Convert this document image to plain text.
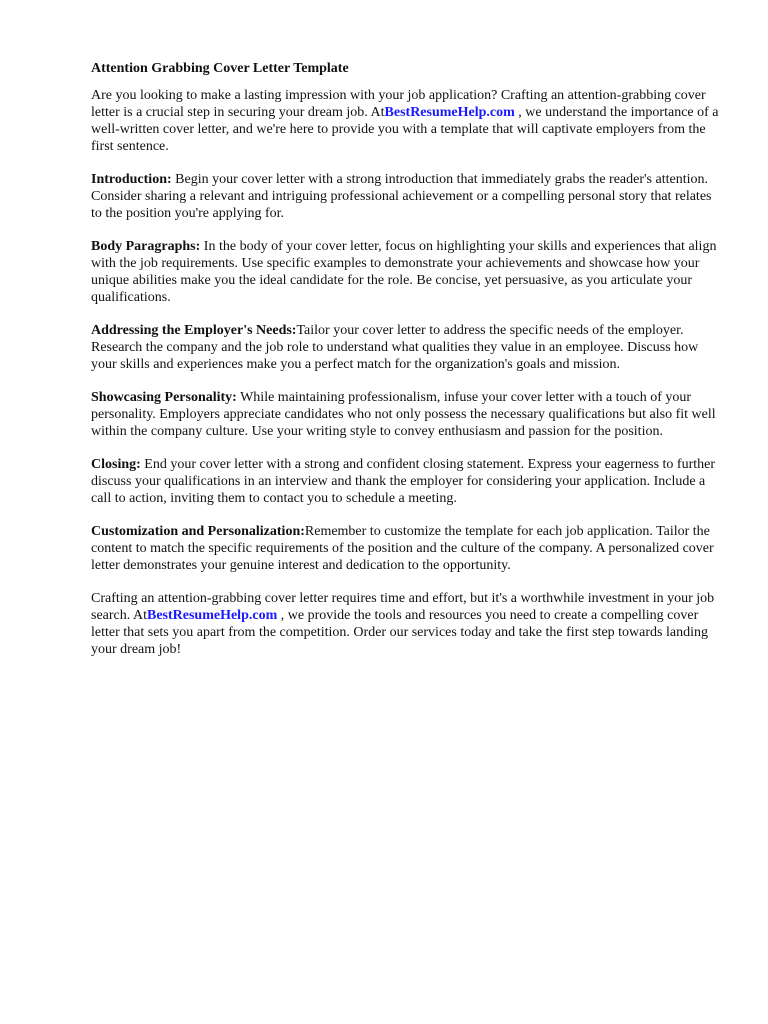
Attention Grabbing Cover Letter Template

Are you looking to make a lasting impression with your job application? Crafting an attention-grabbing cover letter is a crucial step in securing your dream job. AtBestResumeHelp.com , we understand the importance of a well-written cover letter, and we're here to provide you with a template that will captivate employers from the first sentence.

Introduction: Begin your cover letter with a strong introduction that immediately grabs the reader's attention. Consider sharing a relevant and intriguing professional achievement or a compelling personal story that relates to the position you're applying for.

Body Paragraphs: In the body of your cover letter, focus on highlighting your skills and experiences that align with the job requirements. Use specific examples to demonstrate your achievements and showcase how your unique abilities make you the ideal candidate for the role. Be concise, yet persuasive, as you articulate your qualifications.

Addressing the Employer's Needs:Tailor your cover letter to address the specific needs of the employer. Research the company and the job role to understand what qualities they value in an employee. Discuss how your skills and experiences make you a perfect match for the organization's goals and mission.

Showcasing Personality: While maintaining professionalism, infuse your cover letter with a touch of your personality. Employers appreciate candidates who not only possess the necessary qualifications but also fit well within the company culture. Use your writing style to convey enthusiasm and passion for the position.

Closing: End your cover letter with a strong and confident closing statement. Express your eagerness to further discuss your qualifications in an interview and thank the employer for considering your application. Include a call to action, inviting them to contact you to schedule a meeting.

Customization and Personalization:Remember to customize the template for each job application. Tailor the content to match the specific requirements of the position and the culture of the company. A personalized cover letter demonstrates your genuine interest and dedication to the opportunity.

Crafting an attention-grabbing cover letter requires time and effort, but it's a worthwhile investment in your job search. AtBestResumeHelp.com , we provide the tools and resources you need to create a compelling cover letter that sets you apart from the competition. Order our services today and take the first step towards landing your dream job!
